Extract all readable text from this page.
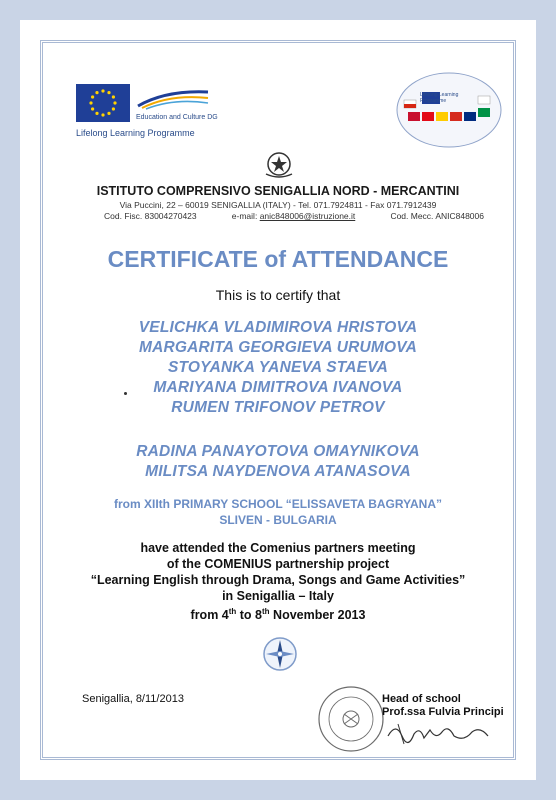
Lifelong Learning Programme
Education and Culture DG
Lifelong Learning Programme
ISTITUTO COMPRENSIVO SENIGALLIA NORD - MERCANTINI
Via Puccini, 22 – 60019 SENIGALLIA (ITALY) - Tel. 071.7924811 - Fax 071.7912439
Cod. Fisc. 83004270423	e-mail: anic848006@istruzione.it	Cod. Mecc. ANIC848006
CERTIFICATE of ATTENDANCE
This is to certify that
VELICHKA VLADIMIROVA HRISTOVA
MARGARITA GEORGIEVA URUMOVA
STOYANKA YANEVA STAEVA
MARIYANA DIMITROVA IVANOVA
RUMEN TRIFONOV PETROV
RADINA PANAYOTOVA OMAYNIKOVA
MILITSA NAYDENOVA ATANASOVA
from XIIth PRIMARY SCHOOL “ELISSAVETA BAGRYANA”
SLIVEN - BULGARIA
have attended the Comenius partners meeting
of the COMENIUS partnership project
“Learning English through Drama, Songs and Game Activities”
in Senigallia – Italy
from 4th to 8th November 2013
Senigallia, 8/11/2013	Head of school
Prof.ssa Fulvia Principi
